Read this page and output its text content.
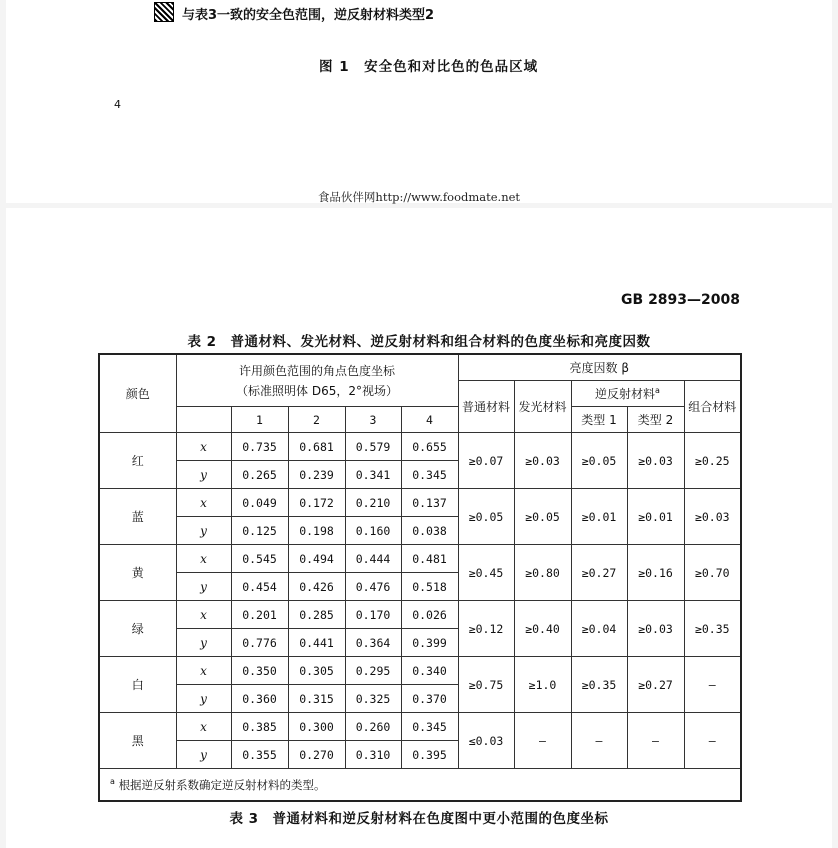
与表3一致的安全色范围，逆反射材料类型2
图 1　安全色和对比色的色品区域
4
食品伙伴网http://www.foodmate.net
GB 2893—2008
表 2　普通材料、发光材料、逆反射材料和组合材料的色度坐标和亮度因数
颜色	许用颜色范围的角点色度坐标
（标准照明体 D65，2°视场）					亮度因数 β				
						普通材料	发光材料	逆反射材料$^a$		组合材料
		1	2	3	4			类型 1	类型 2	
红	x	0.735	0.681	0.579	0.655	≥0.07	≥0.03	≥0.05	≥0.03	≥0.25
	y	0.265	0.239	0.341	0.345					
蓝	x	0.049	0.172	0.210	0.137	≥0.05	≥0.05	≥0.01	≥0.01	≥0.03
	y	0.125	0.198	0.160	0.038					
黄	x	0.545	0.494	0.444	0.481	≥0.45	≥0.80	≥0.27	≥0.16	≥0.70
	y	0.454	0.426	0.476	0.518					
绿	x	0.201	0.285	0.170	0.026	≥0.12	≥0.40	≥0.04	≥0.03	≥0.35
	y	0.776	0.441	0.364	0.399					
白	x	0.350	0.305	0.295	0.340	≥0.75	≥1.0	≥0.35	≥0.27	—
	y	0.360	0.315	0.325	0.370					
黑	x	0.385	0.300	0.260	0.345	≤0.03	—	—	—	—
	y	0.355	0.270	0.310	0.395					
$^a$ 根据逆反射系数确定逆反射材料的类型。										
表 3　普通材料和逆反射材料在色度图中更小范围的色度坐标
